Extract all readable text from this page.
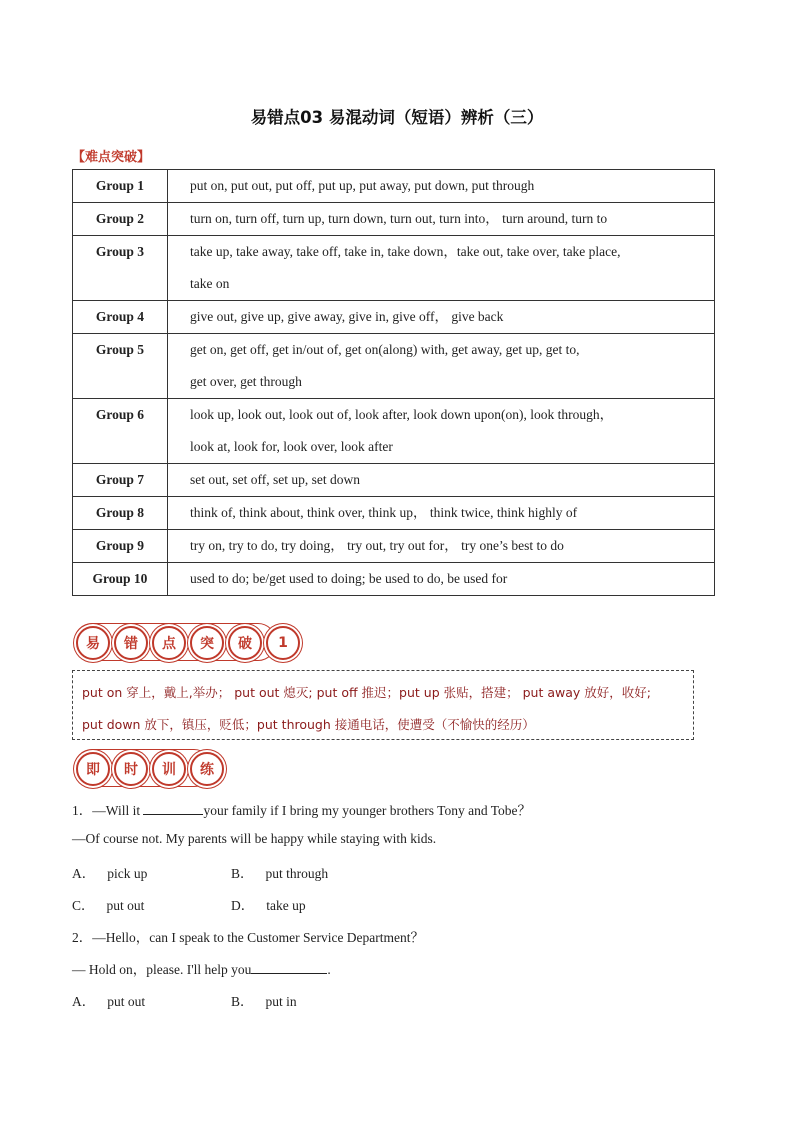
易错点03 易混动词（短语）辨析（三）
【难点突破】
Group 1	put on, put out, put off, put up, put away, put down, put through

Group 2	turn on, turn off, turn up, turn down, turn out, turn into， turn around, turn to

Group 3	take up, take away, take off, take in, take down，take out, take over, take place,
take on

Group 4	give out, give up, give away, give in, give off， give back

Group 5	get on, get off, get in/out of, get on(along) with, get away, get up, get to,
get over, get through

Group 6	look up, look out, look out of, look after, look down upon(on), look through，
look at, look for, look over, look after

Group 7	set out, set off, set up, set down

Group 8	think of, think about, think over, think up， think twice, think highly of

Group 9	try on, try to do, try doing， try out, try out for， try one’s best to do

Group 10	used to do; be/get used to doing; be used to do, be used for
易	错	点	突	破	1
put on 穿上，戴上,举办； put out 熄灭; put off 推迟；put up 张贴，搭建； put away 放好，收好;
put down 放下，镇压，贬低；put through 接通电话，使遭受（不愉快的经历）
即	时	训	练
1．—Will it	your family if I bring my younger brothers Tony and Tobe？
—Of course not. My parents will be happy while staying with kids.
A． pick up	B． put through
C． put out	D． take up
2．—Hello，can I speak to the Customer Service Department？
— Hold on，please. I'll help you	.
A． put out	B． put in
